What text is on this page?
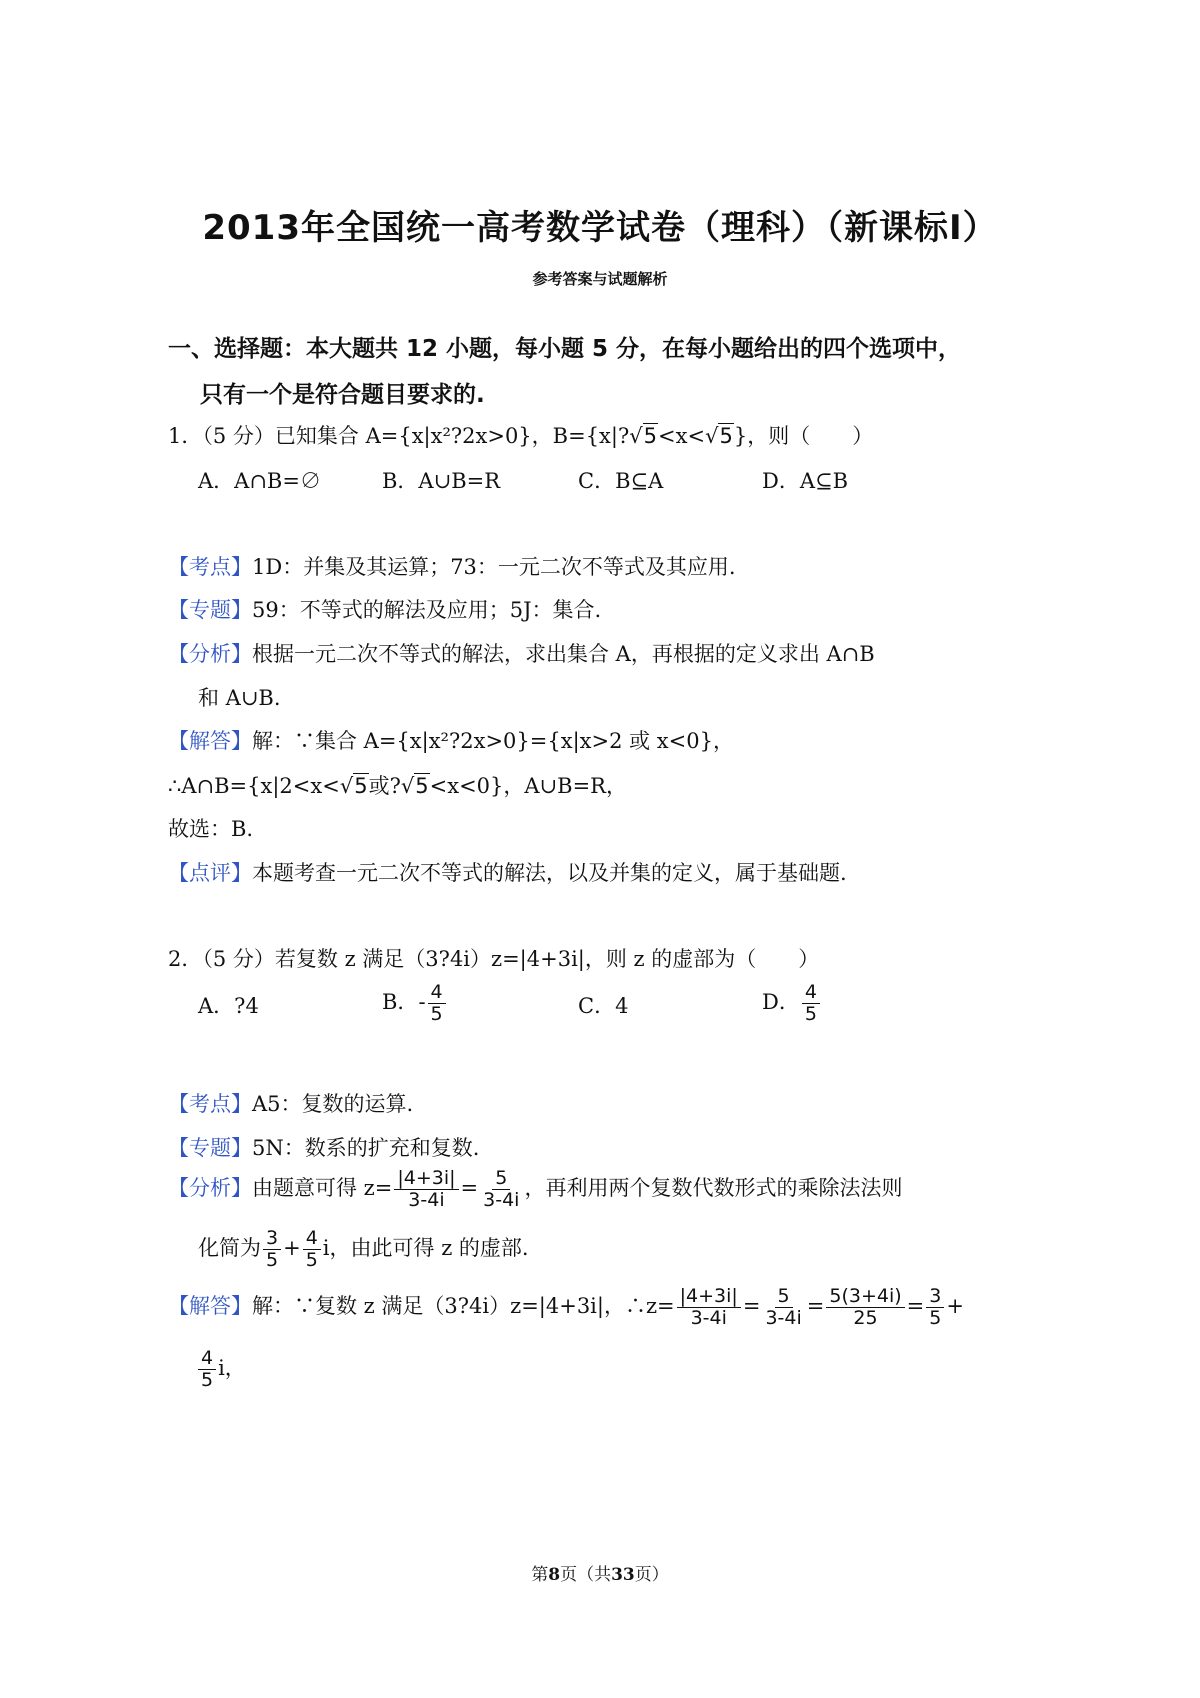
2013年全国统一高考数学试卷（理科）（新课标Ⅰ）
参考答案与试题解析
一、选择题：本大题共 12 小题，每小题 5 分，在每小题给出的四个选项中，
只有一个是符合题目要求的.
1．（5 分）已知集合 A={x|x²?2x>0}，B={x|?√5<x<√5}，则（　　）
A．A∩B=∅	B．A∪B=R	C．B⊆A	D．A⊆B
【考点】1D：并集及其运算；73：一元二次不等式及其应用.
【专题】59：不等式的解法及应用；5J：集合.
【分析】根据一元二次不等式的解法，求出集合 A，再根据的定义求出 A∩B
和 A∪B.
【解答】解：∵集合 A={x|x²?2x>0}={x|x>2 或 x<0}，
∴A∩B={x|2<x<√5或?√5<x<0}，A∪B=R，
故选：B.
【点评】本题考查一元二次不等式的解法，以及并集的定义，属于基础题.
2．（5 分）若复数 z 满足（3?4i）z=|4+3i|，则 z 的虚部为（　　）
A．?4	B．- $\frac{4}{5}$	C．4	D． $\frac{4}{5}$
【考点】A5：复数的运算.
【专题】5N：数系的扩充和复数.
【分析】由题意可得 $z= \frac{|4+3i|}{3-4i} = \frac{5}{3-4i}$ ，再利用两个复数代数形式的乘除法法则
化简为 $\frac{3}{5} + \frac{4}{5}$ i，由此可得 z 的虚部.
【解答】解：∵复数 z 满足（3?4i）z=|4+3i|，∴z= $\frac{|4+3i|}{3-4i} = \frac{5}{3-4i} = \frac{5(3+4i)}{25} = \frac{3}{5}$ +
$\frac{4}{5}$ i，
第8页（共33页）
